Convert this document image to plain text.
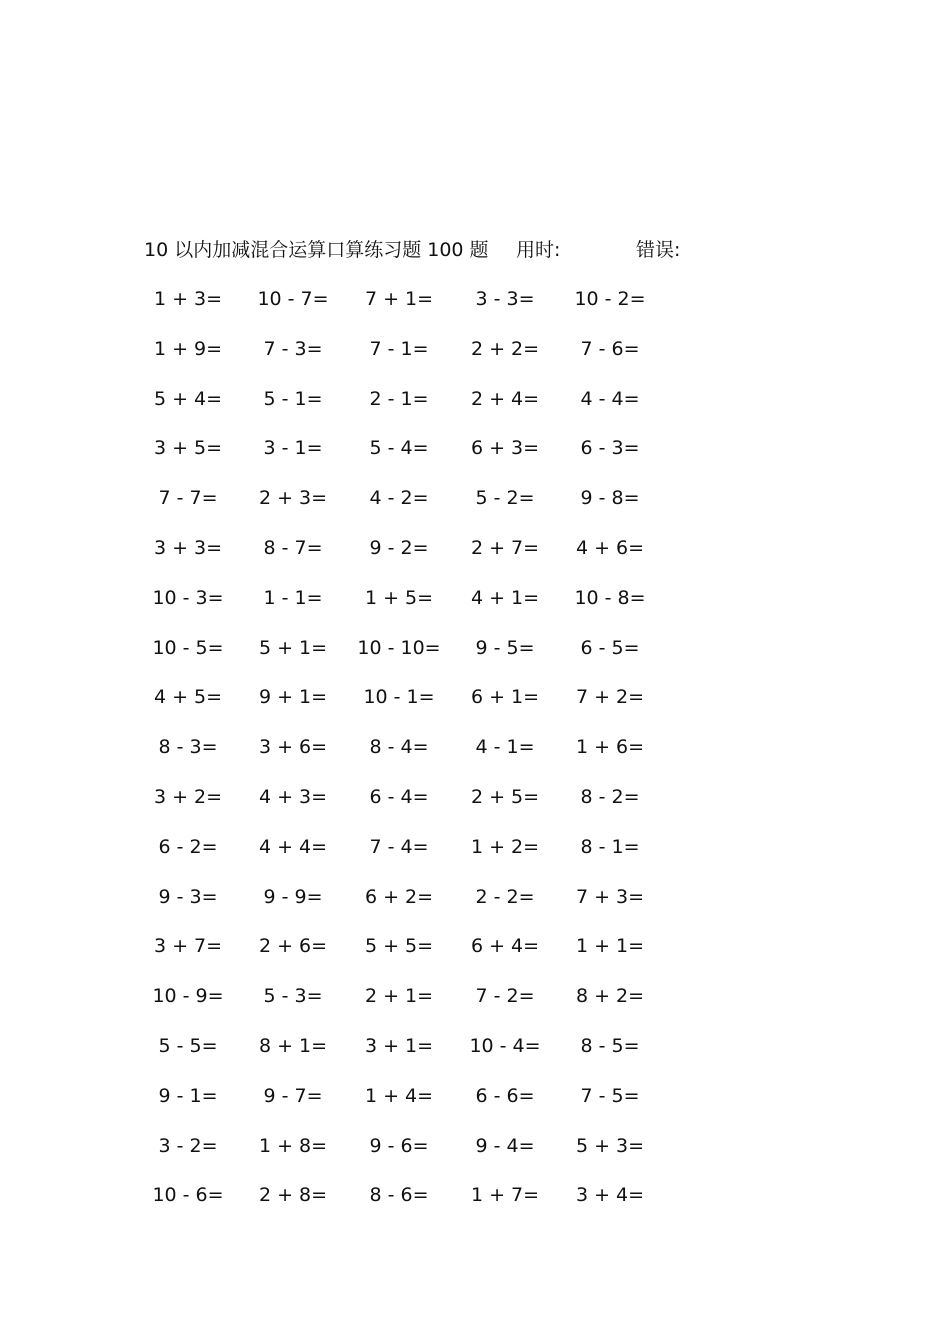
10 以内加减混合运算口算练习题 100 题 用时:	错误:
1 + 3= 10 - 7= 7 + 1= 3 - 3= 10 - 2=
1 + 9= 7 - 3= 7 - 1= 2 + 2= 7 - 6=
5 + 4= 5 - 1= 2 - 1= 2 + 4= 4 - 4=
3 + 5= 3 - 1= 5 - 4= 6 + 3= 6 - 3=
7 - 7= 2 + 3= 4 - 2= 5 - 2= 9 - 8=
3 + 3= 8 - 7= 9 - 2= 2 + 7= 4 + 6=
10 - 3= 1 - 1= 1 + 5= 4 + 1= 10 - 8=
10 - 5= 5 + 1= 10 - 10= 9 - 5= 6 - 5=
4 + 5= 9 + 1= 10 - 1= 6 + 1= 7 + 2=
8 - 3= 3 + 6= 8 - 4= 4 - 1= 1 + 6=
3 + 2= 4 + 3= 6 - 4= 2 + 5= 8 - 2=
6 - 2= 4 + 4= 7 - 4= 1 + 2= 8 - 1=
9 - 3= 9 - 9= 6 + 2= 2 - 2= 7 + 3=
3 + 7= 2 + 6= 5 + 5= 6 + 4= 1 + 1=
10 - 9= 5 - 3= 2 + 1= 7 - 2= 8 + 2=
5 - 5= 8 + 1= 3 + 1= 10 - 4= 8 - 5=
9 - 1= 9 - 7= 1 + 4= 6 - 6= 7 - 5=
3 - 2= 1 + 8= 9 - 6= 9 - 4= 5 + 3=
10 - 6= 2 + 8= 8 - 6= 1 + 7= 3 + 4=
